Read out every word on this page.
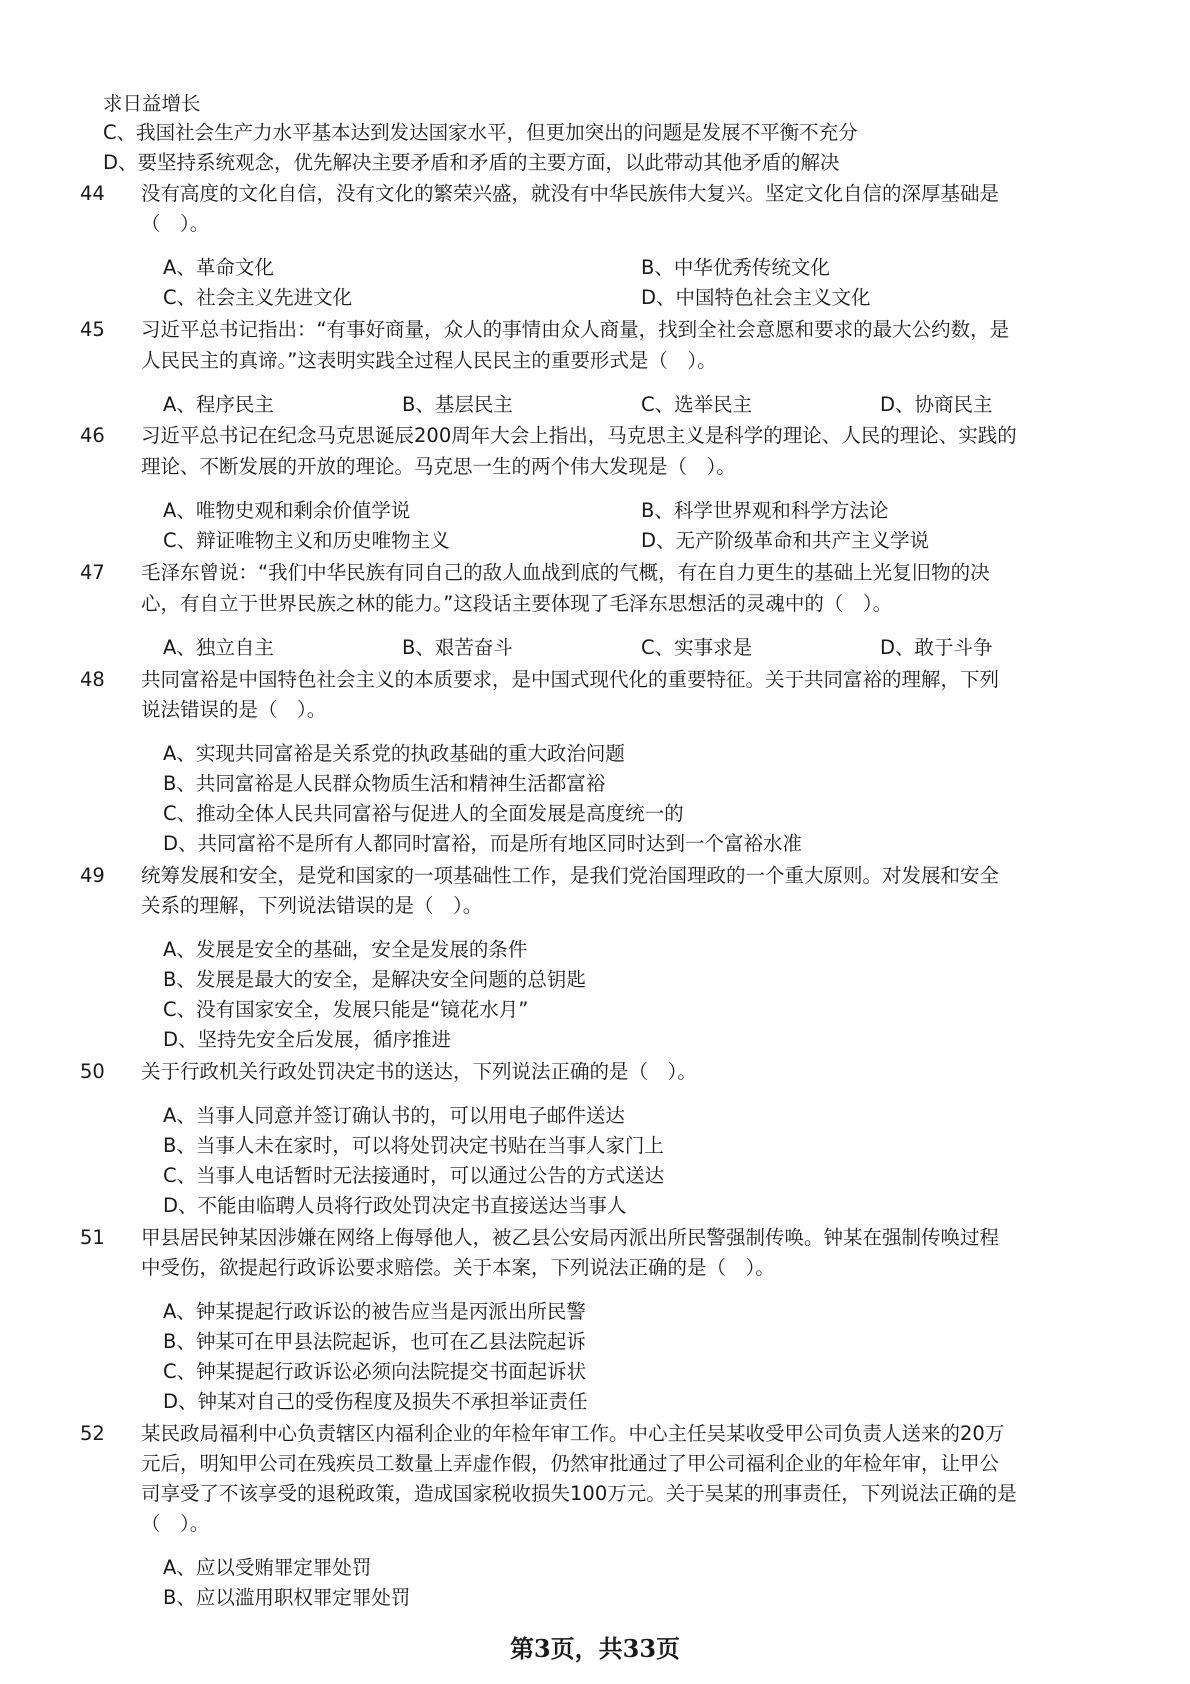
求日益增长
C、我国社会生产力水平基本达到发达国家水平，但更加突出的问题是发展不平衡不充分
D、要坚持系统观念，优先解决主要矛盾和矛盾的主要方面，以此带动其他矛盾的解决
44 没有高度的文化自信，没有文化的繁荣兴盛，就没有中华民族伟大复兴。坚定文化自信的深厚基础是
（　）。
A、革命文化	B、中华优秀传统文化
C、社会主义先进文化	D、中国特色社会主义文化
45 习近平总书记指出：“有事好商量，众人的事情由众人商量，找到全社会意愿和要求的最大公约数，是
人民民主的真谛。”这表明实践全过程人民民主的重要形式是（　）。
A、程序民主	B、基层民主	C、选举民主	D、协商民主
46 习近平总书记在纪念马克思诞辰200周年大会上指出，马克思主义是科学的理论、人民的理论、实践的
理论、不断发展的开放的理论。马克思一生的两个伟大发现是（　）。
A、唯物史观和剩余价值学说	B、科学世界观和科学方法论
C、辩证唯物主义和历史唯物主义	D、无产阶级革命和共产主义学说
47 毛泽东曾说：“我们中华民族有同自己的敌人血战到底的气概，有在自力更生的基础上光复旧物的决
心，有自立于世界民族之林的能力。”这段话主要体现了毛泽东思想活的灵魂中的（　）。
A、独立自主	B、艰苦奋斗	C、实事求是	D、敢于斗争
48 共同富裕是中国特色社会主义的本质要求，是中国式现代化的重要特征。关于共同富裕的理解，下列
说法错误的是（　）。
A、实现共同富裕是关系党的执政基础的重大政治问题
B、共同富裕是人民群众物质生活和精神生活都富裕
C、推动全体人民共同富裕与促进人的全面发展是高度统一的
D、共同富裕不是所有人都同时富裕，而是所有地区同时达到一个富裕水准
49 统筹发展和安全，是党和国家的一项基础性工作，是我们党治国理政的一个重大原则。对发展和安全
关系的理解，下列说法错误的是（　）。
A、发展是安全的基础，安全是发展的条件
B、发展是最大的安全，是解决安全问题的总钥匙
C、没有国家安全，发展只能是“镜花水月”
D、坚持先安全后发展，循序推进
50 关于行政机关行政处罚决定书的送达，下列说法正确的是（　）。
A、当事人同意并签订确认书的，可以用电子邮件送达
B、当事人未在家时，可以将处罚决定书贴在当事人家门上
C、当事人电话暂时无法接通时，可以通过公告的方式送达
D、不能由临聘人员将行政处罚决定书直接送达当事人
51 甲县居民钟某因涉嫌在网络上侮辱他人，被乙县公安局丙派出所民警强制传唤。钟某在强制传唤过程
中受伤，欲提起行政诉讼要求赔偿。关于本案，下列说法正确的是（　）。
A、钟某提起行政诉讼的被告应当是丙派出所民警
B、钟某可在甲县法院起诉，也可在乙县法院起诉
C、钟某提起行政诉讼必须向法院提交书面起诉状
D、钟某对自己的受伤程度及损失不承担举证责任
52 某民政局福利中心负责辖区内福利企业的年检年审工作。中心主任吴某收受甲公司负责人送来的20万
元后，明知甲公司在残疾员工数量上弄虚作假，仍然审批通过了甲公司福利企业的年检年审，让甲公
司享受了不该享受的退税政策，造成国家税收损失100万元。关于吴某的刑事责任，下列说法正确的是
（　）。
A、应以受贿罪定罪处罚
B、应以滥用职权罪定罪处罚
第3页，共33页
